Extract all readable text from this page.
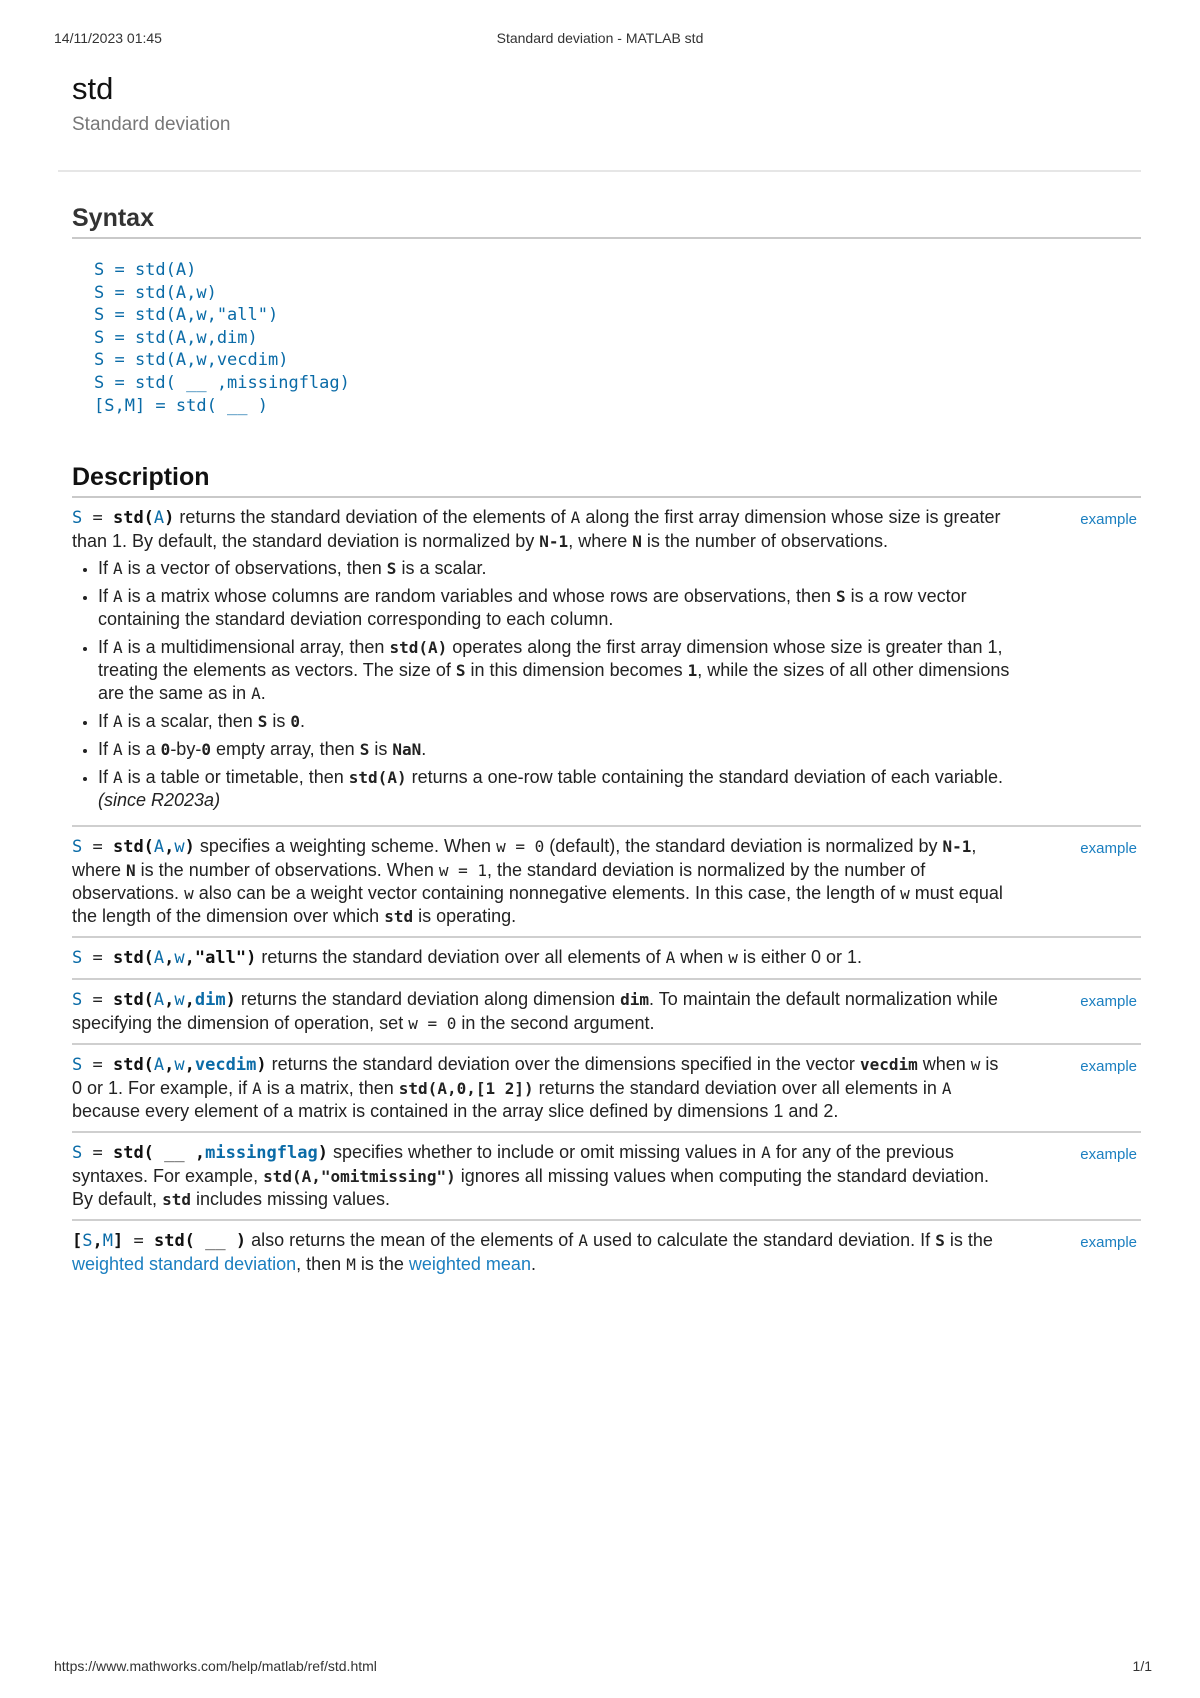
14/11/2023 01:45	Standard deviation - MATLAB std
std
Standard deviation
Syntax
S = std(A)
S = std(A,w)
S = std(A,w,"all")
S = std(A,w,dim)
S = std(A,w,vecdim)
S = std( __ ,missingflag)
[S,M] = std( __ )
Description
example
S = std(A) returns the standard deviation of the elements of A along the first array dimension whose size is greater than 1. By default, the standard deviation is normalized by N-1, where N is the number of observations.
• If A is a vector of observations, then S is a scalar.
• If A is a matrix whose columns are random variables and whose rows are observations, then S is a row vector containing the standard deviation corresponding to each column.
• If A is a multidimensional array, then std(A) operates along the first array dimension whose size is greater than 1, treating the elements as vectors. The size of S in this dimension becomes 1, while the sizes of all other dimensions are the same as in A.
• If A is a scalar, then S is 0.
• If A is a 0-by-0 empty array, then S is NaN.
• If A is a table or timetable, then std(A) returns a one-row table containing the standard deviation of each variable. (since R2023a)
example
S = std(A,w) specifies a weighting scheme. When w = 0 (default), the standard deviation is normalized by N-1, where N is the number of observations. When w = 1, the standard deviation is normalized by the number of observations. w also can be a weight vector containing nonnegative elements. In this case, the length of w must equal the length of the dimension over which std is operating.
S = std(A,w,"all") returns the standard deviation over all elements of A when w is either 0 or 1.
example
S = std(A,w,dim) returns the standard deviation along dimension dim. To maintain the default normalization while specifying the dimension of operation, set w = 0 in the second argument.
example
S = std(A,w,vecdim) returns the standard deviation over the dimensions specified in the vector vecdim when w is 0 or 1. For example, if A is a matrix, then std(A,0,[1 2]) returns the standard deviation over all elements in A because every element of a matrix is contained in the array slice defined by dimensions 1 and 2.
example
S = std( __ ,missingflag) specifies whether to include or omit missing values in A for any of the previous syntaxes. For example, std(A,"omitmissing") ignores all missing values when computing the standard deviation. By default, std includes missing values.
example
[S,M] = std( __ ) also returns the mean of the elements of A used to calculate the standard deviation. If S is the weighted standard deviation, then M is the weighted mean.
https://www.mathworks.com/help/matlab/ref/std.html	1/1
